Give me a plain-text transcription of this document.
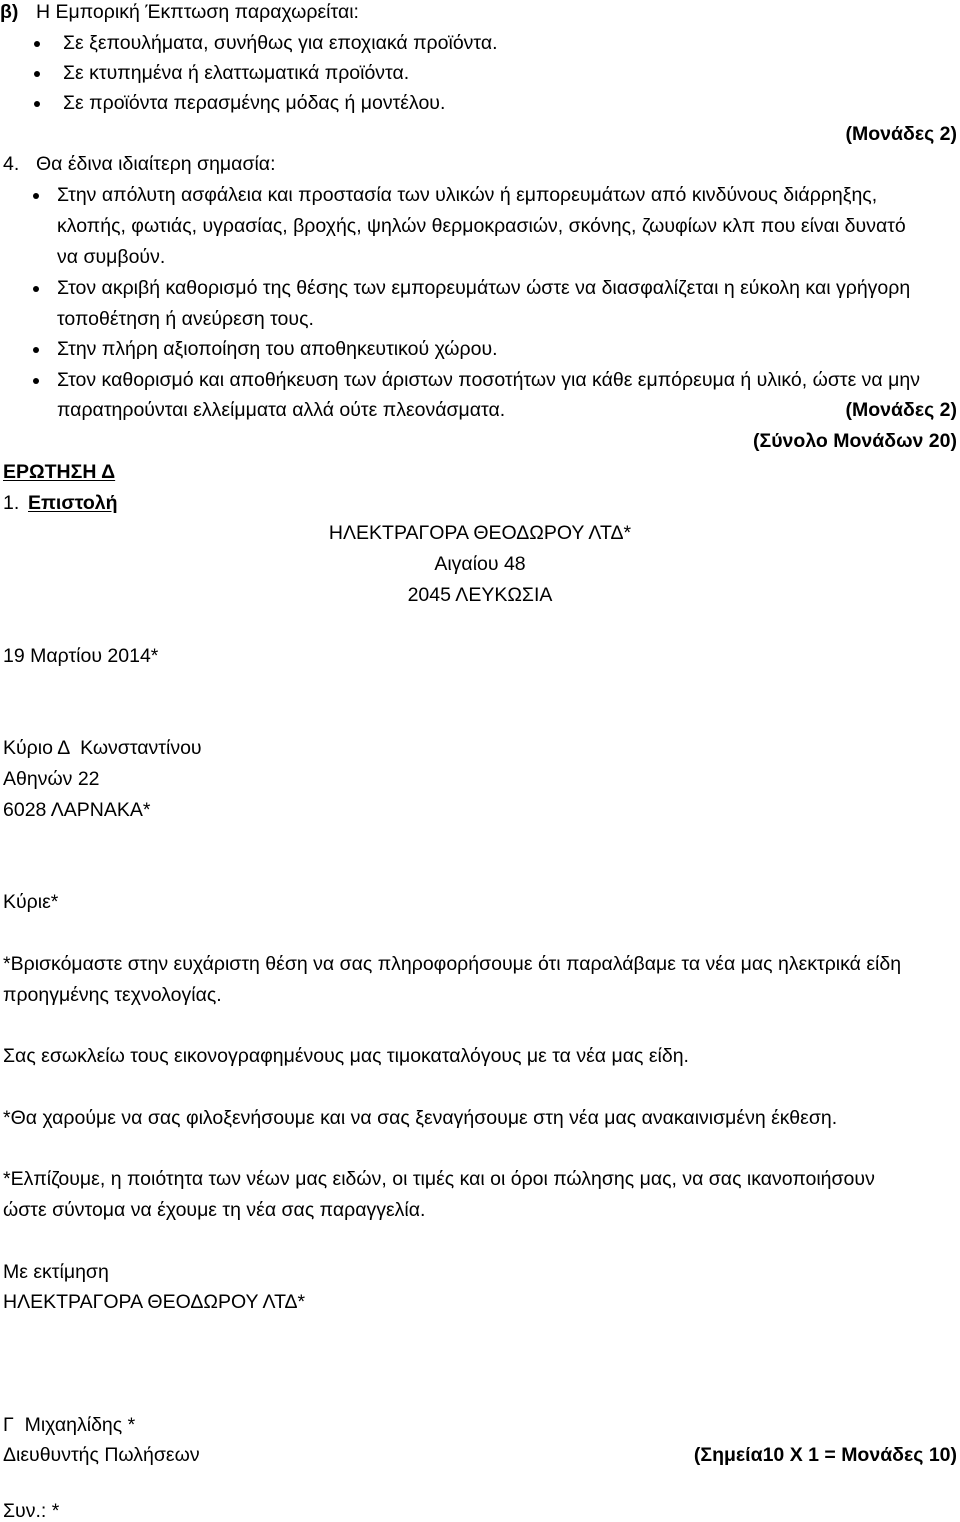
β) Η Εμπορική Έκπτωση παραχωρείται:
Σε ξεπουλήματα, συνήθως για εποχιακά προϊόντα.
Σε κτυπημένα ή ελαττωματικά προϊόντα.
Σε προϊόντα περασμένης μόδας ή μοντέλου.
(Μονάδες 2)
4. Θα έδινα ιδιαίτερη σημασία:
Στην απόλυτη ασφάλεια και προστασία των υλικών ή εμπορευμάτων από κινδύνους διάρρηξης,
κλοπής, φωτιάς, υγρασίας, βροχής, ψηλών θερμοκρασιών, σκόνης, ζωυφίων κλπ που είναι δυνατό
να συμβούν.
Στον ακριβή καθορισμό της θέσης των εμπορευμάτων ώστε να διασφαλίζεται η εύκολη και γρήγορη
τοποθέτηση ή ανεύρεση τους.
Στην πλήρη αξιοποίηση του αποθηκευτικού χώρου.
Στον καθορισμό και αποθήκευση των άριστων ποσοτήτων για κάθε εμπόρευμα ή υλικό, ώστε να μην
παρατηρούνται ελλείμματα αλλά ούτε πλεονάσματα.	(Μονάδες 2)
(Σύνολο Μονάδων 20)
ΕΡΩΤΗΣΗ Δ
1. Επιστολή
ΗΛΕΚΤΡΑΓΟΡΑ ΘΕΟΔΩΡΟΥ ΛΤΔ*
Αιγαίου 48
2045 ΛΕΥΚΩΣΙΑ
19 Μαρτίου 2014*
Κύριο Δ  Κωνσταντίνου
Αθηνών 22
6028 ΛΑΡΝΑΚΑ*
Κύριε*
*Βρισκόμαστε στην ευχάριστη θέση να σας πληροφορήσουμε ότι παραλάβαμε τα νέα μας ηλεκτρικά είδη
προηγμένης τεχνολογίας.
Σας εσωκλείω τους εικονογραφημένους μας τιμοκαταλόγους με τα νέα μας είδη.
*Θα χαρούμε να σας φιλοξενήσουμε και να σας ξεναγήσουμε στη νέα μας ανακαινισμένη έκθεση.
*Ελπίζουμε, η ποιότητα των νέων μας ειδών, οι τιμές και οι όροι πώλησης μας, να σας ικανοποιήσουν
ώστε σύντομα να έχουμε τη νέα σας παραγγελία.
Με εκτίμηση
ΗΛΕΚΤΡΑΓΟΡΑ ΘΕΟΔΩΡΟΥ ΛΤΔ*
Γ  Μιχαηλίδης *
Διευθυντής Πωλήσεων	(Σημεία10 Χ 1 = Μονάδες 10)
Συν.: *
